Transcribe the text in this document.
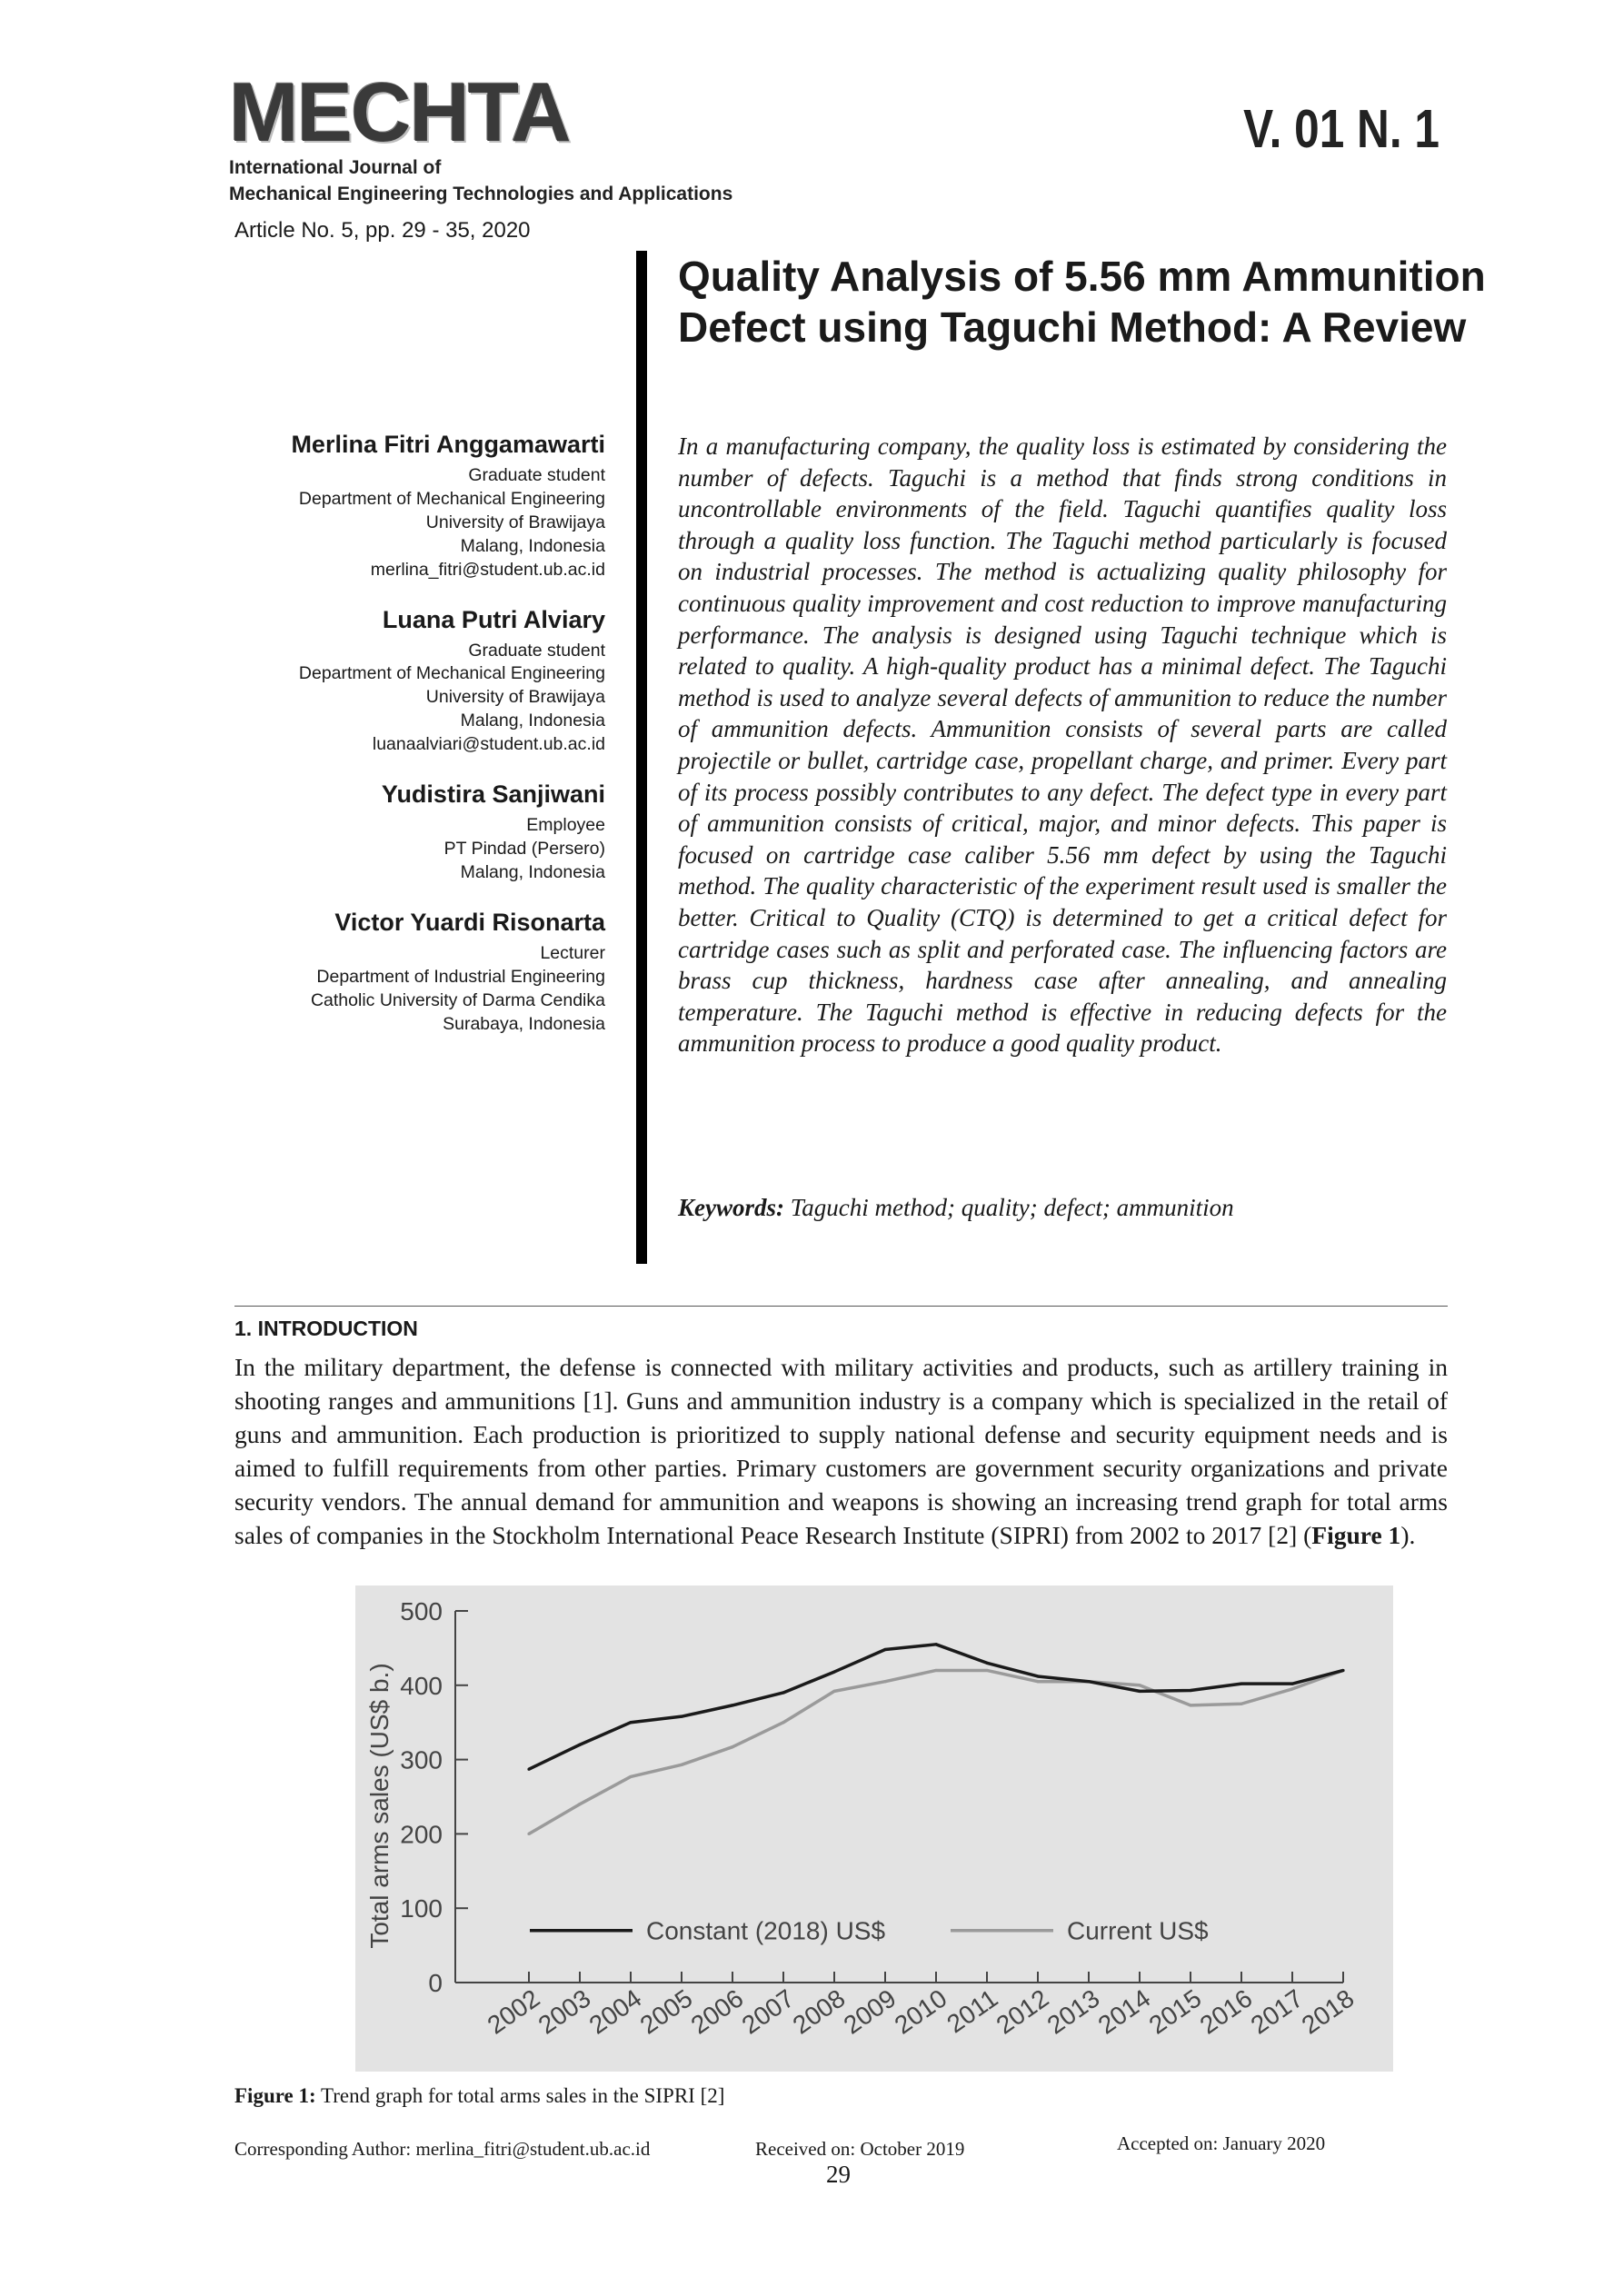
MECHTA
International Journal of
Mechanical Engineering Technologies and Applications
V. 01 N. 1
Article No. 5, pp. 29 - 35, 2020
Quality Analysis of 5.56 mm Ammunition Defect using Taguchi Method: A Review
Merlina Fitri Anggamawarti
Graduate student
Department of Mechanical Engineering
University of Brawijaya
Malang, Indonesia
merlina_fitri@student.ub.ac.id
Luana Putri Alviary
Graduate student
Department of Mechanical Engineering
University of Brawijaya
Malang, Indonesia
luanaalviari@student.ub.ac.id
Yudistira Sanjiwani
Employee
PT Pindad (Persero)
Malang, Indonesia
Victor Yuardi Risonarta
Lecturer
Department of Industrial Engineering
Catholic University of Darma Cendika
Surabaya, Indonesia
In a manufacturing company, the quality loss is estimated by considering the number of defects. Taguchi is a method that finds strong conditions in uncontrollable environments of the field. Taguchi quantifies quality loss through a quality loss function. The Taguchi method particularly is focused on industrial processes. The method is actualizing quality philosophy for continuous quality improvement and cost reduction to improve manufacturing performance. The analysis is designed using Taguchi technique which is related to quality. A high-quality product has a minimal defect. The Taguchi method is used to analyze several defects of ammunition to reduce the number of ammunition defects. Ammunition consists of several parts are called projectile or bullet, cartridge case, propellant charge, and primer. Every part of its process possibly contributes to any defect. The defect type in every part of ammunition consists of critical, major, and minor defects. This paper is focused on cartridge case caliber 5.56 mm defect by using the Taguchi method. The quality characteristic of the experiment result used is smaller the better. Critical to Quality (CTQ) is determined to get a critical defect for cartridge cases such as split and perforated case. The influencing factors are brass cup thickness, hardness case after annealing, and annealing temperature. The Taguchi method is effective in reducing defects for the ammunition process to produce a good quality product.
Keywords: Taguchi method; quality; defect; ammunition
1. INTRODUCTION
In the military department, the defense is connected with military activities and products, such as artillery training in shooting ranges and ammunitions [1]. Guns and ammunition industry is a company which is specialized in the retail of guns and ammunition. Each production is prioritized to supply national defense and security equipment needs and is aimed to fulfill requirements from other parties. Primary customers are government security organizations and private security vendors. The annual demand for ammunition and weapons is showing an increasing trend graph for total arms sales of companies in the Stockholm International Peace Research Institute (SIPRI) from 2002 to 2017 [2] (Figure 1).
0
100
200
300
400
500
Total arms sales (US$ b.)
2002
2003
2004
2005
2006
2007
2008
2009
2010
2011
2012
2013
2014
2015
2016
2017
2018
Constant (2018) US$	Current US$
Figure 1: Trend graph for total arms sales in the SIPRI [2]
Corresponding Author: merlina_fitri@student.ub.ac.id	Received on: October 2019	Accepted on: January 2020
29
